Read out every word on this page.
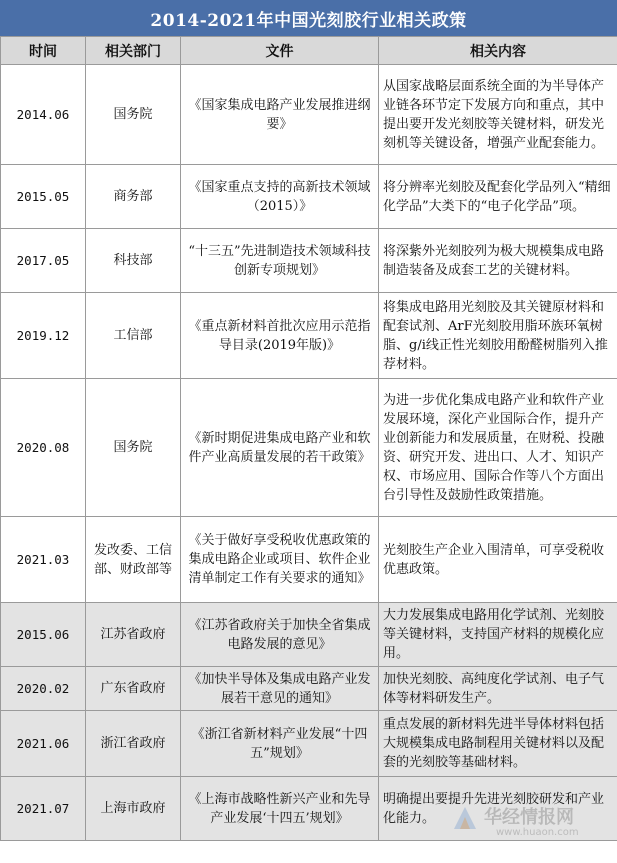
2014-2021年中国光刻胶行业相关政策
时间	相关部门	文件	相关内容
2014.06	国务院	《国家集成电路产业发展推进纲要》	从国家战略层面系统全面的为半导体产业链各环节定下发展方向和重点，其中提出要开发光刻胶等关键材料，研发光刻机等关键设备，增强产业配套能力。
2015.05	商务部	《国家重点支持的高新技术领域（2015）》	将分辨率光刻胶及配套化学品列入“精细化学品”大类下的“电子化学品”项。
2017.05	科技部	“十三五”先进制造技术领域科技创新专项规划》	将深紫外光刻胶列为极大规模集成电路制造装备及成套工艺的关键材料。
2019.12	工信部	《重点新材料首批次应用示范指导目录(2019年版)》	将集成电路用光刻胶及其关键原材料和配套试剂、ArF光刻胶用脂环族环氧树脂、g/i线正性光刻胶用酚醛树脂列入推荐材料。
2020.08	国务院	《新时期促进集成电路产业和软件产业高质量发展的若干政策》	为进一步优化集成电路产业和软件产业发展环境，深化产业国际合作，提升产业创新能力和发展质量，在财税、投融资、研究开发、进出口、人才、知识产权、市场应用、国际合作等八个方面出台引导性及鼓励性政策措施。
2021.03	发改委、工信部、财政部等	《关于做好享受税收优惠政策的集成电路企业或项目、软件企业清单制定工作有关要求的通知》	光刻胶生产企业入围清单，可享受税收优惠政策。
2015.06	江苏省政府	《江苏省政府关于加快全省集成电路发展的意见》	大力发展集成电路用化学试剂、光刻胶等关键材料，支持国产材料的规模化应用。
2020.02	广东省政府	《加快半导体及集成电路产业发展若干意见的通知》	加快光刻胶、高纯度化学试剂、电子气体等材料研发生产。
2021.06	浙江省政府	《浙江省新材料产业发展“十四五”规划》	重点发展的新材料先进半导体材料包括大规模集成电路制程用关键材料以及配套的光刻胶等基础材料。
2021.07	上海市政府	《上海市战略性新兴产业和先导产业发展‘十四五’规划》	明确提出要提升先进光刻胶研发和产业化能力。	华经情报网
www.huaon.com
